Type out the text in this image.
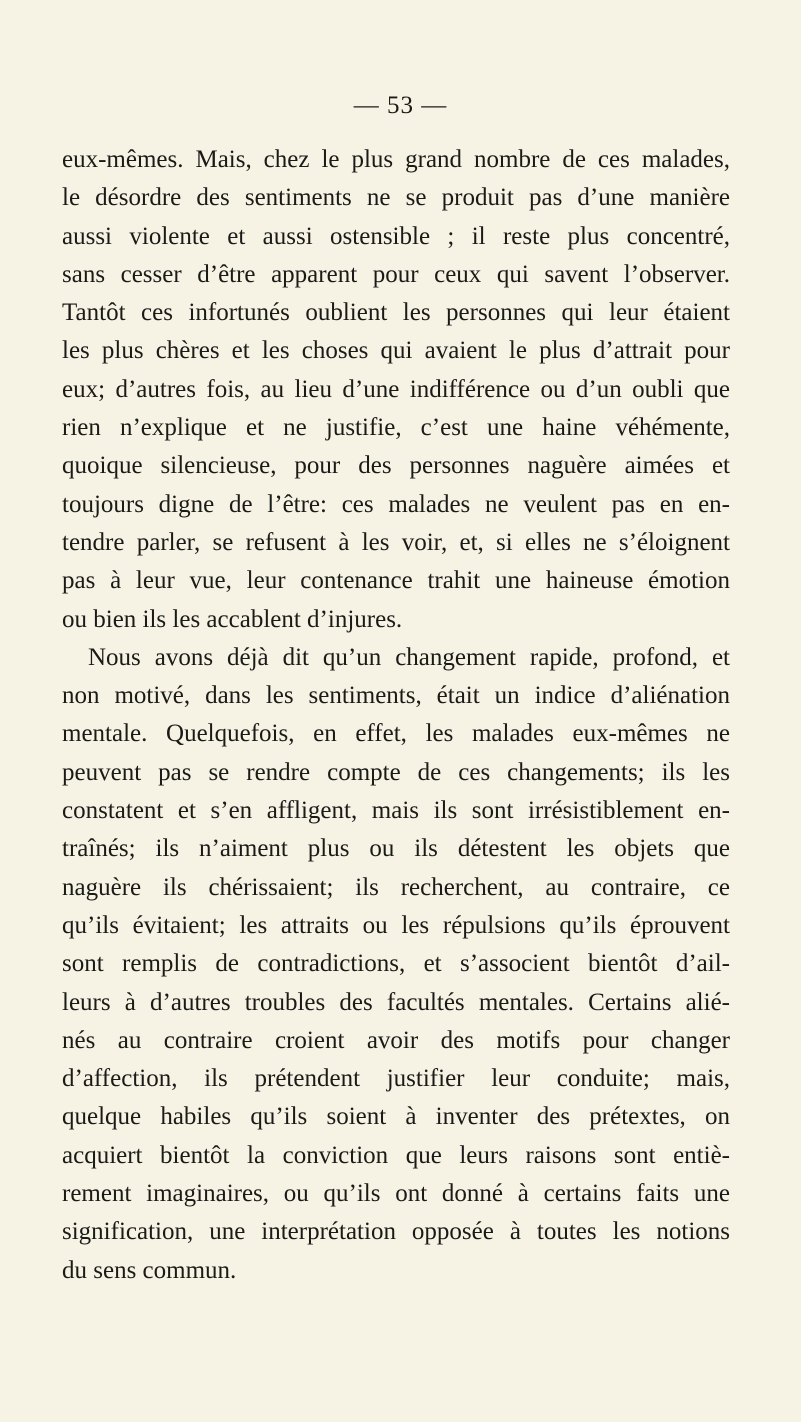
— 53 —
eux-mêmes. Mais, chez le plus grand nombre de ces malades,
le désordre des sentiments ne se produit pas d’une manière
aussi violente et aussi ostensible ; il reste plus concentré,
sans cesser d’être apparent pour ceux qui savent l’observer.
Tantôt ces infortunés oublient les personnes qui leur étaient
les plus chères et les choses qui avaient le plus d’attrait pour
eux; d’autres fois, au lieu d’une indifférence ou d’un oubli que
rien n’explique et ne justifie, c’est une haine véhémente,
quoique silencieuse, pour des personnes naguère aimées et
toujours digne de l’être: ces malades ne veulent pas en en-
tendre parler, se refusent à les voir, et, si elles ne s’éloignent
pas à leur vue, leur contenance trahit une haineuse émotion
ou bien ils les accablent d’injures.
Nous avons déjà dit qu’un changement rapide, profond, et
non motivé, dans les sentiments, était un indice d’aliénation
mentale. Quelquefois, en effet, les malades eux-mêmes ne
peuvent pas se rendre compte de ces changements; ils les
constatent et s’en affligent, mais ils sont irrésistiblement en-
traînés; ils n’aiment plus ou ils détestent les objets que
naguère ils chérissaient; ils recherchent, au contraire, ce
qu’ils évitaient; les attraits ou les répulsions qu’ils éprouvent
sont remplis de contradictions, et s’associent bientôt d’ail-
leurs à d’autres troubles des facultés mentales. Certains alié-
nés au contraire croient avoir des motifs pour changer
d’affection, ils prétendent justifier leur conduite; mais,
quelque habiles qu’ils soient à inventer des prétextes, on
acquiert bientôt la conviction que leurs raisons sont entiè-
rement imaginaires, ou qu’ils ont donné à certains faits une
signification, une interprétation opposée à toutes les notions
du sens commun.
